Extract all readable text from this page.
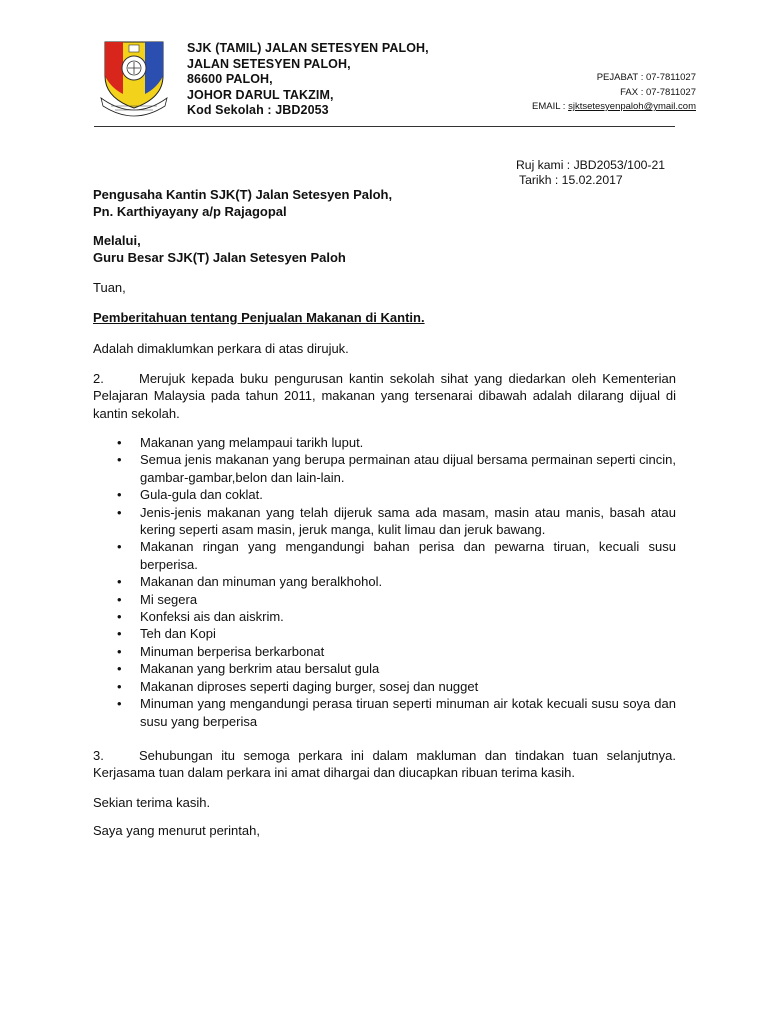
SJK (TAMIL) JALAN SETESYEN PALOH,
JALAN SETESYEN PALOH,
86600 PALOH,
JOHOR DARUL TAKZIM,
Kod Sekolah : JBD2053
PEJABAT : 07-7811027
FAX : 07-7811027
EMAIL : sjktsetesyenpaloh@ymail.com
Ruj kami : JBD2053/100-21
Tarikh : 15.02.2017
Pengusaha Kantin SJK(T) Jalan Setesyen Paloh,
Pn. Karthiyayany a/p Rajagopal
Melalui,
Guru Besar SJK(T) Jalan Setesyen Paloh
Tuan,
Pemberitahuan tentang Penjualan Makanan di Kantin.
Adalah dimaklumkan perkara di atas dirujuk.
2.	Merujuk kepada buku pengurusan kantin sekolah sihat yang diedarkan oleh Kementerian Pelajaran Malaysia pada tahun 2011, makanan yang tersenarai dibawah adalah dilarang dijual di kantin sekolah.
• Makanan yang melampaui tarikh luput.
• Semua jenis makanan yang berupa permainan atau dijual bersama permainan seperti cincin, gambar-gambar,belon dan lain-lain.
• Gula-gula dan coklat.
• Jenis-jenis makanan yang telah dijeruk sama ada masam, masin atau manis, basah atau kering seperti asam masin, jeruk manga, kulit limau dan jeruk bawang.
• Makanan ringan yang mengandungi bahan perisa dan pewarna tiruan, kecuali susu berperisa.
• Makanan dan minuman yang beralkhohol.
• Mi segera
• Konfeksi ais dan aiskrim.
• Teh dan Kopi
• Minuman berperisa berkarbonat
• Makanan yang berkrim atau bersalut gula
• Makanan diproses seperti daging burger, sosej dan nugget
• Minuman yang mengandungi perasa tiruan seperti minuman air kotak kecuali susu soya dan susu yang berperisa
3.	Sehubungan itu semoga perkara ini dalam makluman dan tindakan tuan selanjutnya. Kerjasama tuan dalam perkara ini amat dihargai dan diucapkan ribuan terima kasih.
Sekian terima kasih.
Saya yang menurut perintah,
